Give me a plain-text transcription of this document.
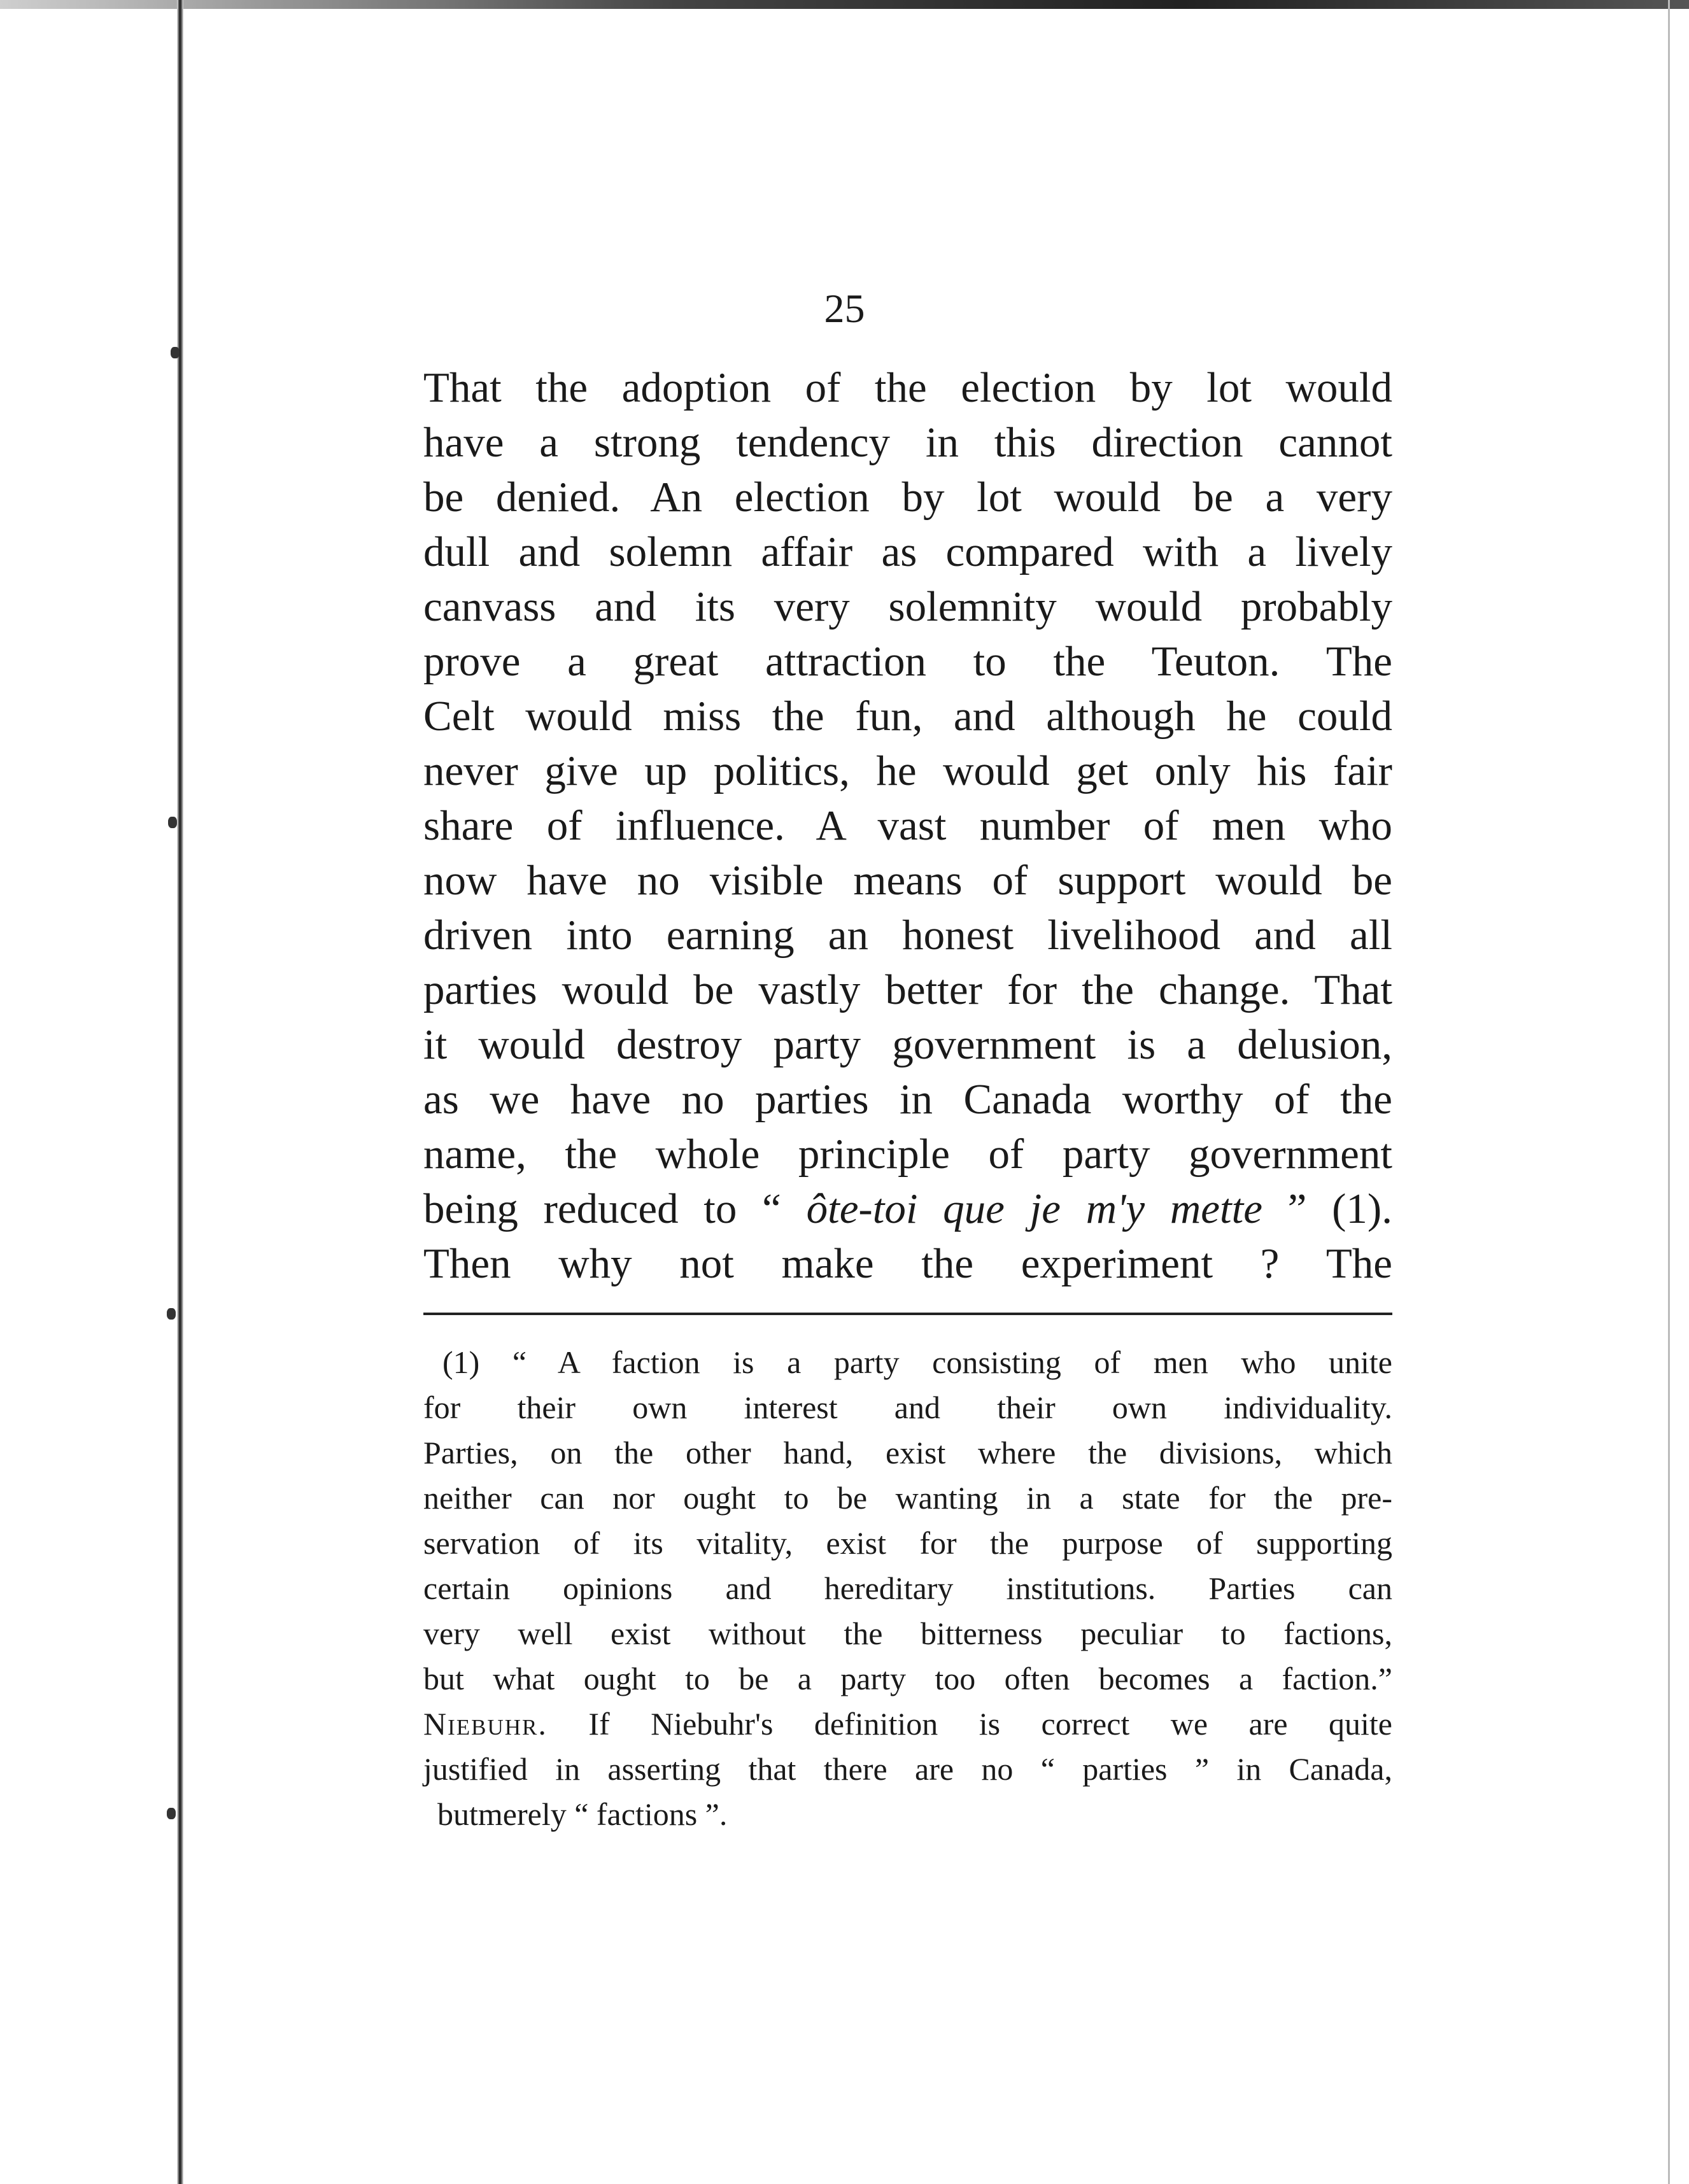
25
That the adoption of the election by lot would
have a strong tendency in this direction cannot
be denied. An election by lot would be a very
dull and solemn affair as compared with a lively
canvass and its very solemnity would probably
prove a great attraction to the Teuton. The
Celt would miss the fun, and although he could
never give up politics, he would get only his fair
share of influence. A vast number of men who
now have no visible means of support would be
driven into earning an honest livelihood and all
parties would be vastly better for the change. That
it would destroy party government is a delusion,
as we have no parties in Canada worthy of the
name, the whole principle of party government
being reduced to “ ôte-toi que je m'y mette ” (1).
Then why not make the experiment ? The
(1) “ A faction is a party consisting of men who unite
for their own interest and their own individuality.
Parties, on the other hand, exist where the divisions, which
neither can nor ought to be wanting in a state for the pre-
servation of its vitality, exist for the purpose of supporting
certain opinions and hereditary institutions. Parties can
very well exist without the bitterness peculiar to factions,
but what ought to be a party too often becomes a faction.”
Niebuhr. If Niebuhr's definition is correct we are quite
justified in asserting that there are no “ parties ” in Canada,
butmerely “ factions ”.
